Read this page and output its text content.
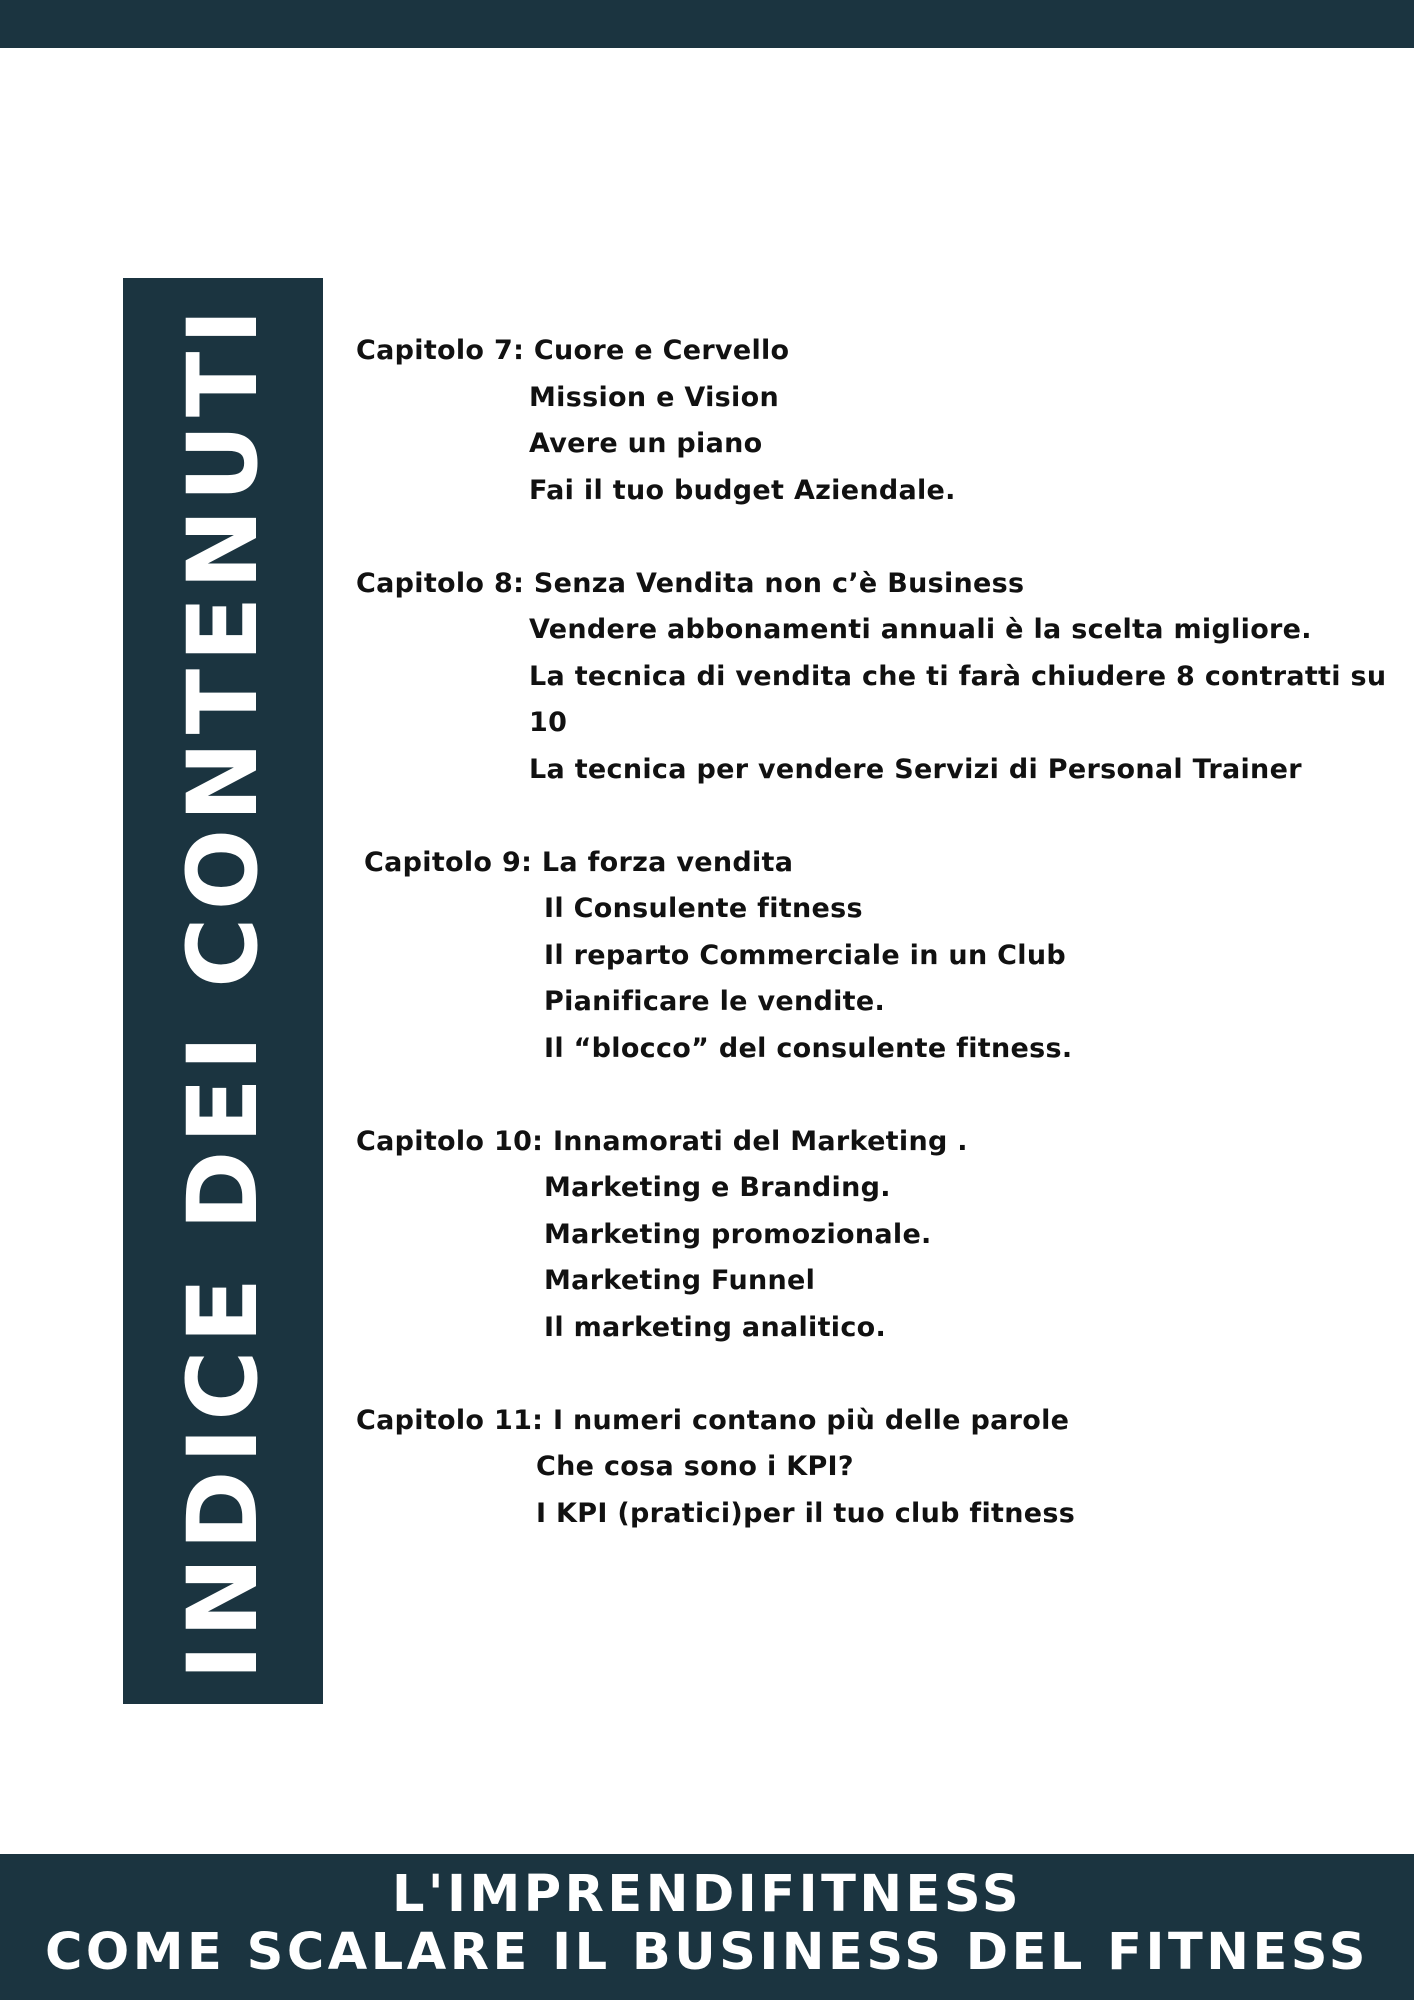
INDICE DEI CONTENUTI	Capitolo 7: Cuore e Cervello
Mission e Vision
Avere un piano
Fai il tuo budget Aziendale.
Capitolo 8: Senza Vendita non c’è Business
Vendere abbonamenti annuali è la scelta migliore.
La tecnica di vendita che ti farà chiudere 8 contratti su 10
La tecnica per vendere Servizi di Personal Trainer
Capitolo 9: La forza vendita
Il Consulente fitness
Il reparto Commerciale in un Club
Pianificare le vendite.
Il “blocco” del consulente fitness.
Capitolo 10: Innamorati del Marketing .
Marketing e Branding.
Marketing promozionale.
Marketing Funnel
Il marketing analitico.
Capitolo 11: I numeri contano più delle parole
Che cosa sono i KPI?
I KPI (pratici)per il tuo club fitness
L'IMPRENDIFITNESS
COME SCALARE IL BUSINESS DEL FITNESS
